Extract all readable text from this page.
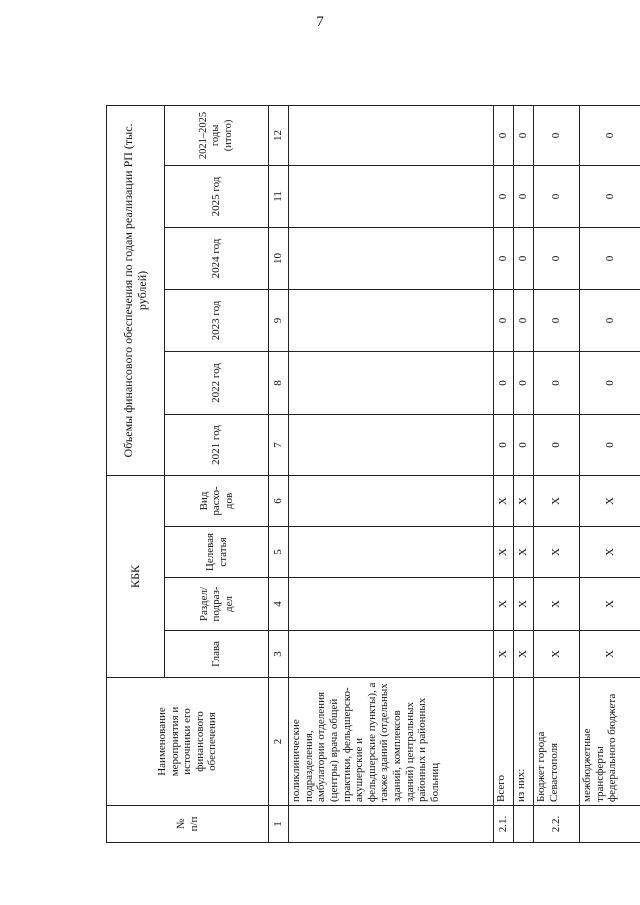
7
№
п/п	Наименование мероприятия и источники его финансового обеспечения	КБК				Объемы финансового обеспечения по годам реализации РП (тыс. рублей)					
		Глава	Раздел/ подраз-дел	Целевая статья	Вид расхо-дов	2021 год	2022 год	2023 год	2024 год	2025 год	2021–2025 годы (итого)
1	2	3	4	5	6	7	8	9	10	11	12
	поликлинические подразделения, амбулатории отделения (центры) врача общей практики, фельдшерско-акушерские и фельдшерские пункты), а также зданий (отдельных зданий, комплексов зданий) центральных районных и районных больниц										
2.1.	Всего	X	X	X	X	0	0	0	0	0	0
	из них:	X	X	X	X	0	0	0	0	0	0
2.2.	Бюджет города Севастополя	X	X	X	X	0	0	0	0	0	0
	межбюджетные трансферты федерального бюджета	X	X	X	X	0	0	0	0	0	0
